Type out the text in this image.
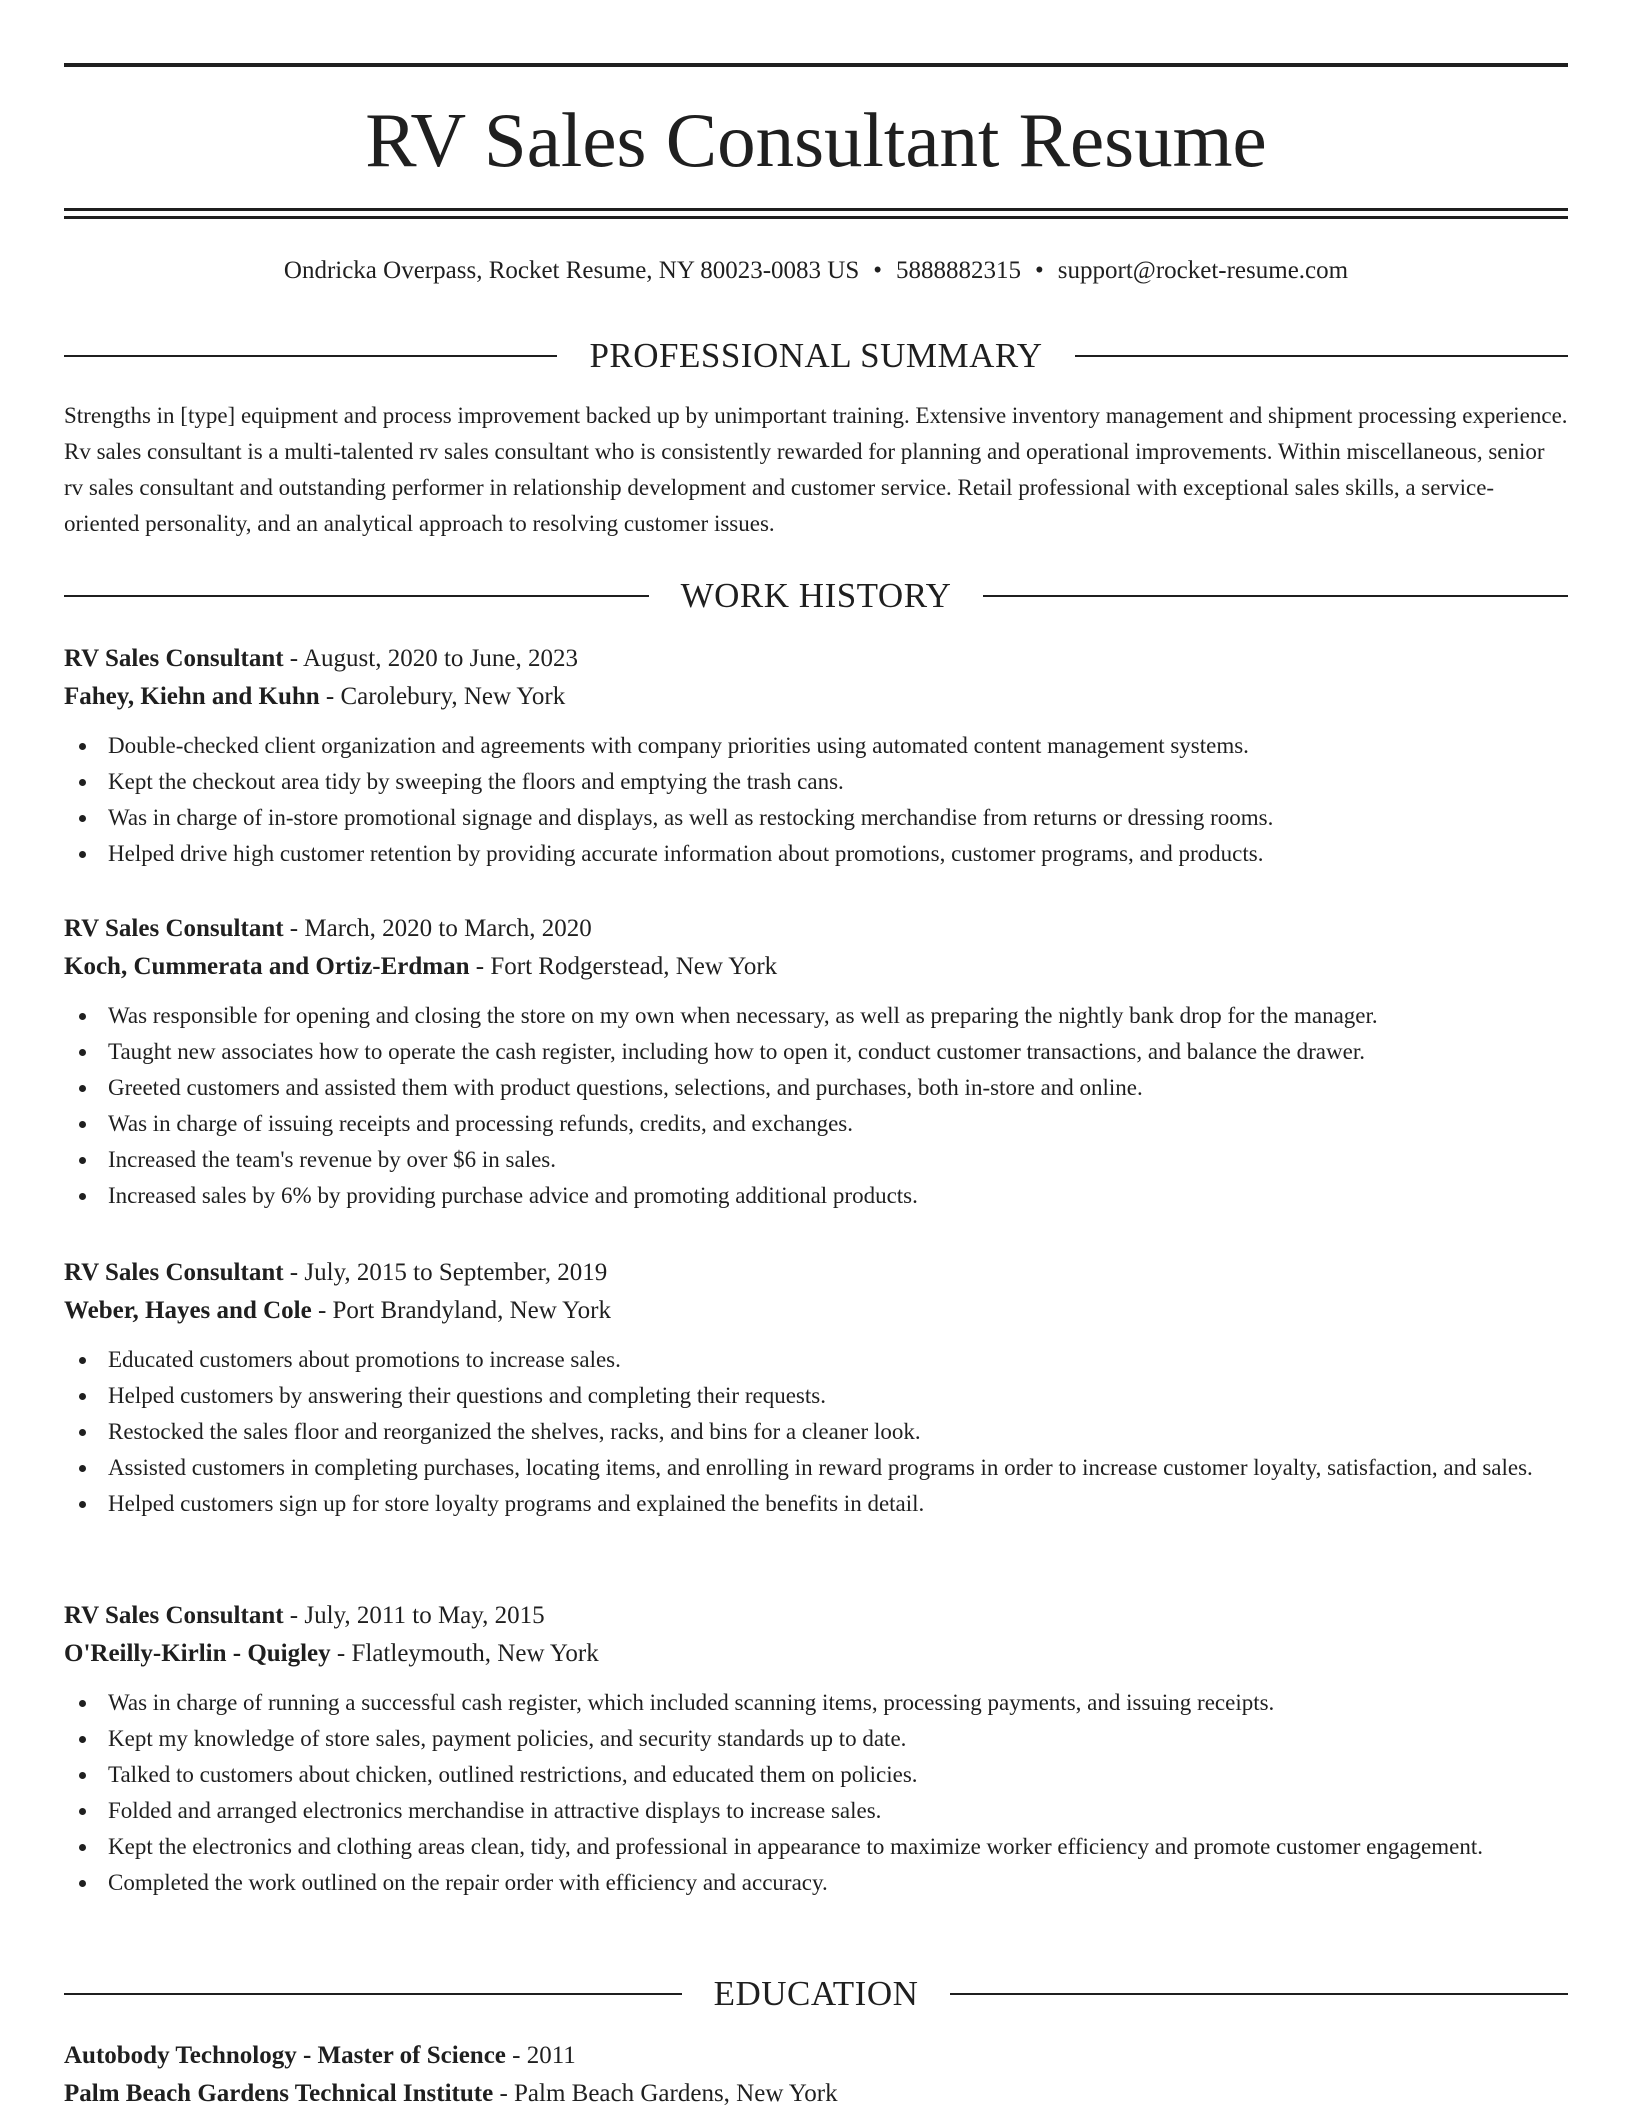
RV Sales Consultant Resume
Ondricka Overpass, Rocket Resume, NY 80023-0083 US • 5888882315 • support@rocket-resume.com
PROFESSIONAL SUMMARY
Strengths in [type] equipment and process improvement backed up by unimportant training. Extensive inventory management and shipment processing experience. Rv sales consultant is a multi-talented rv sales consultant who is consistently rewarded for planning and operational improvements. Within miscellaneous, senior rv sales consultant and outstanding performer in relationship development and customer service. Retail professional with exceptional sales skills, a service-oriented personality, and an analytical approach to resolving customer issues.
WORK HISTORY

RV Sales Consultant - August, 2020 to June, 2023

Fahey, Kiehn and Kuhn - Carolebury, New York

Double-checked client organization and agreements with company priorities using automated content management systems.
Kept the checkout area tidy by sweeping the floors and emptying the trash cans.
Was in charge of in-store promotional signage and displays, as well as restocking merchandise from returns or dressing rooms.
Helped drive high customer retention by providing accurate information about promotions, customer programs, and products.

RV Sales Consultant - March, 2020 to March, 2020

Koch, Cummerata and Ortiz-Erdman - Fort Rodgerstead, New York

Was responsible for opening and closing the store on my own when necessary, as well as preparing the nightly bank drop for the manager.
Taught new associates how to operate the cash register, including how to open it, conduct customer transactions, and balance the drawer.
Greeted customers and assisted them with product questions, selections, and purchases, both in-store and online.
Was in charge of issuing receipts and processing refunds, credits, and exchanges.
Increased the team's revenue by over $6 in sales.
Increased sales by 6% by providing purchase advice and promoting additional products.

RV Sales Consultant - July, 2015 to September, 2019

Weber, Hayes and Cole - Port Brandyland, New York

Educated customers about promotions to increase sales.
Helped customers by answering their questions and completing their requests.
Restocked the sales floor and reorganized the shelves, racks, and bins for a cleaner look.
Assisted customers in completing purchases, locating items, and enrolling in reward programs in order to increase customer loyalty, satisfaction, and sales.
Helped customers sign up for store loyalty programs and explained the benefits in detail.

RV Sales Consultant - July, 2011 to May, 2015

O'Reilly-Kirlin - Quigley - Flatleymouth, New York

Was in charge of running a successful cash register, which included scanning items, processing payments, and issuing receipts.
Kept my knowledge of store sales, payment policies, and security standards up to date.
Talked to customers about chicken, outlined restrictions, and educated them on policies.
Folded and arranged electronics merchandise in attractive displays to increase sales.
Kept the electronics and clothing areas clean, tidy, and professional in appearance to maximize worker efficiency and promote customer engagement.
Completed the work outlined on the repair order with efficiency and accuracy.
EDUCATION

Autobody Technology - Master of Science - 2011

Palm Beach Gardens Technical Institute - Palm Beach Gardens, New York
